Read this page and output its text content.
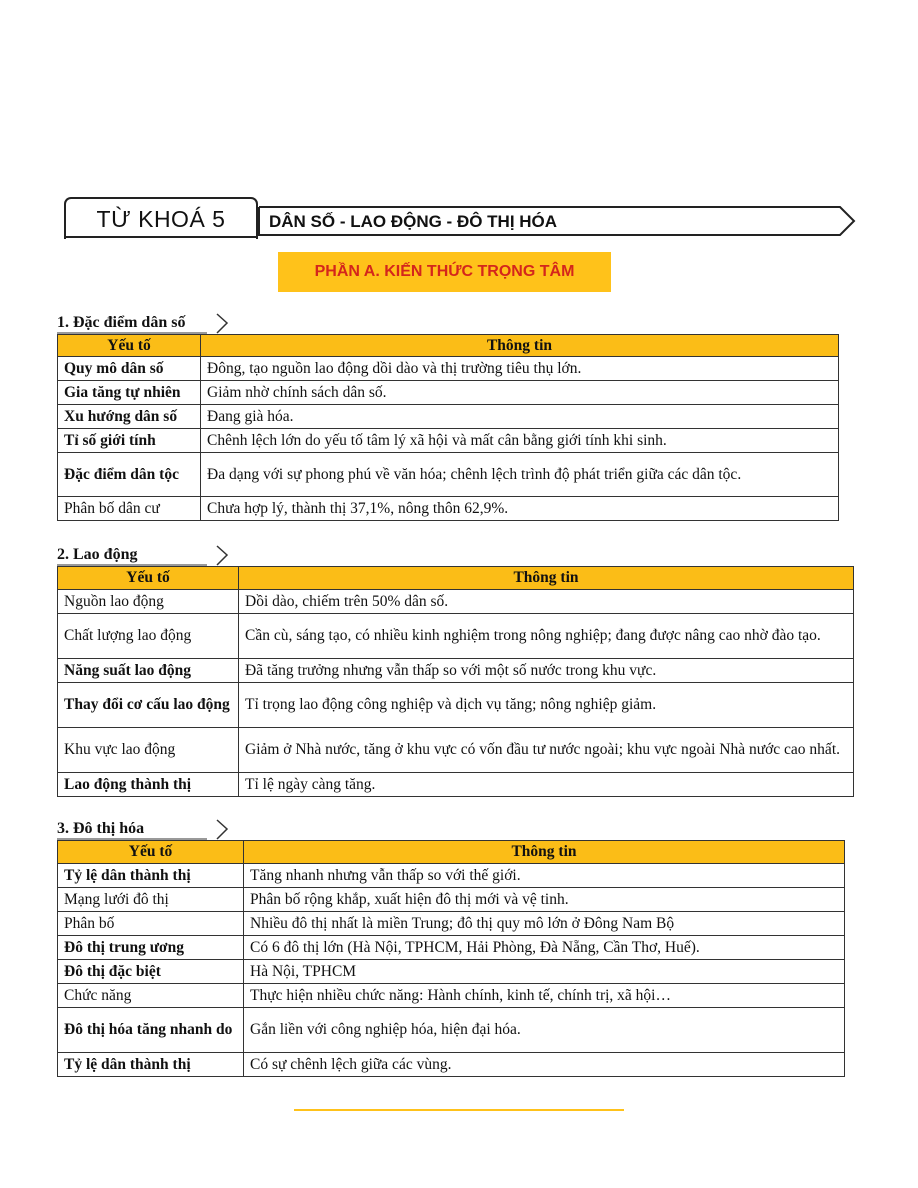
TỪ KHOÁ 5	DÂN SỐ - LAO ĐỘNG - ĐÔ THỊ HÓA
PHẦN A. KIẾN THỨC TRỌNG TÂM
1. Đặc điểm dân số
Yếu tố	Thông tin
Quy mô dân số	Đông, tạo nguồn lao động dồi dào và thị trường tiêu thụ lớn.
Gia tăng tự nhiên	Giảm nhờ chính sách dân số.
Xu hướng dân số	Đang già hóa.
Tỉ số giới tính	Chênh lệch lớn do yếu tố tâm lý xã hội và mất cân bằng giới tính khi sinh.
Đặc điểm dân tộc	Đa dạng với sự phong phú về văn hóa; chênh lệch trình độ phát triển giữa các dân tộc.
Phân bố dân cư	Chưa hợp lý, thành thị 37,1%, nông thôn 62,9%.
2. Lao động
Yếu tố	Thông tin
Nguồn lao động	Dồi dào, chiếm trên 50% dân số.
Chất lượng lao động	Cần cù, sáng tạo, có nhiều kinh nghiệm trong nông nghiệp; đang được nâng cao nhờ đào tạo.
Năng suất lao động	Đã tăng trưởng nhưng vẫn thấp so với một số nước trong khu vực.
Thay đổi cơ cấu lao động	Tỉ trọng lao động công nghiệp và dịch vụ tăng; nông nghiệp giảm.
Khu vực lao động	Giảm ở Nhà nước, tăng ở khu vực có vốn đầu tư nước ngoài; khu vực ngoài Nhà nước cao nhất.
Lao động thành thị	Tỉ lệ ngày càng tăng.
3. Đô thị hóa
Yếu tố	Thông tin
Tỷ lệ dân thành thị	Tăng nhanh nhưng vẫn thấp so với thế giới.
Mạng lưới đô thị	Phân bố rộng khắp, xuất hiện đô thị mới và vệ tinh.
Phân bố	Nhiều đô thị nhất là miền Trung; đô thị quy mô lớn ở Đông Nam Bộ
Đô thị trung ương	Có 6 đô thị lớn (Hà Nội, TPHCM, Hải Phòng, Đà Nẵng, Cần Thơ, Huế).
Đô thị đặc biệt	Hà Nội, TPHCM
Chức năng	Thực hiện nhiều chức năng: Hành chính, kinh tế, chính trị, xã hội…
Đô thị hóa tăng nhanh do	Gắn liền với công nghiệp hóa, hiện đại hóa.
Tỷ lệ dân thành thị	Có sự chênh lệch giữa các vùng.
